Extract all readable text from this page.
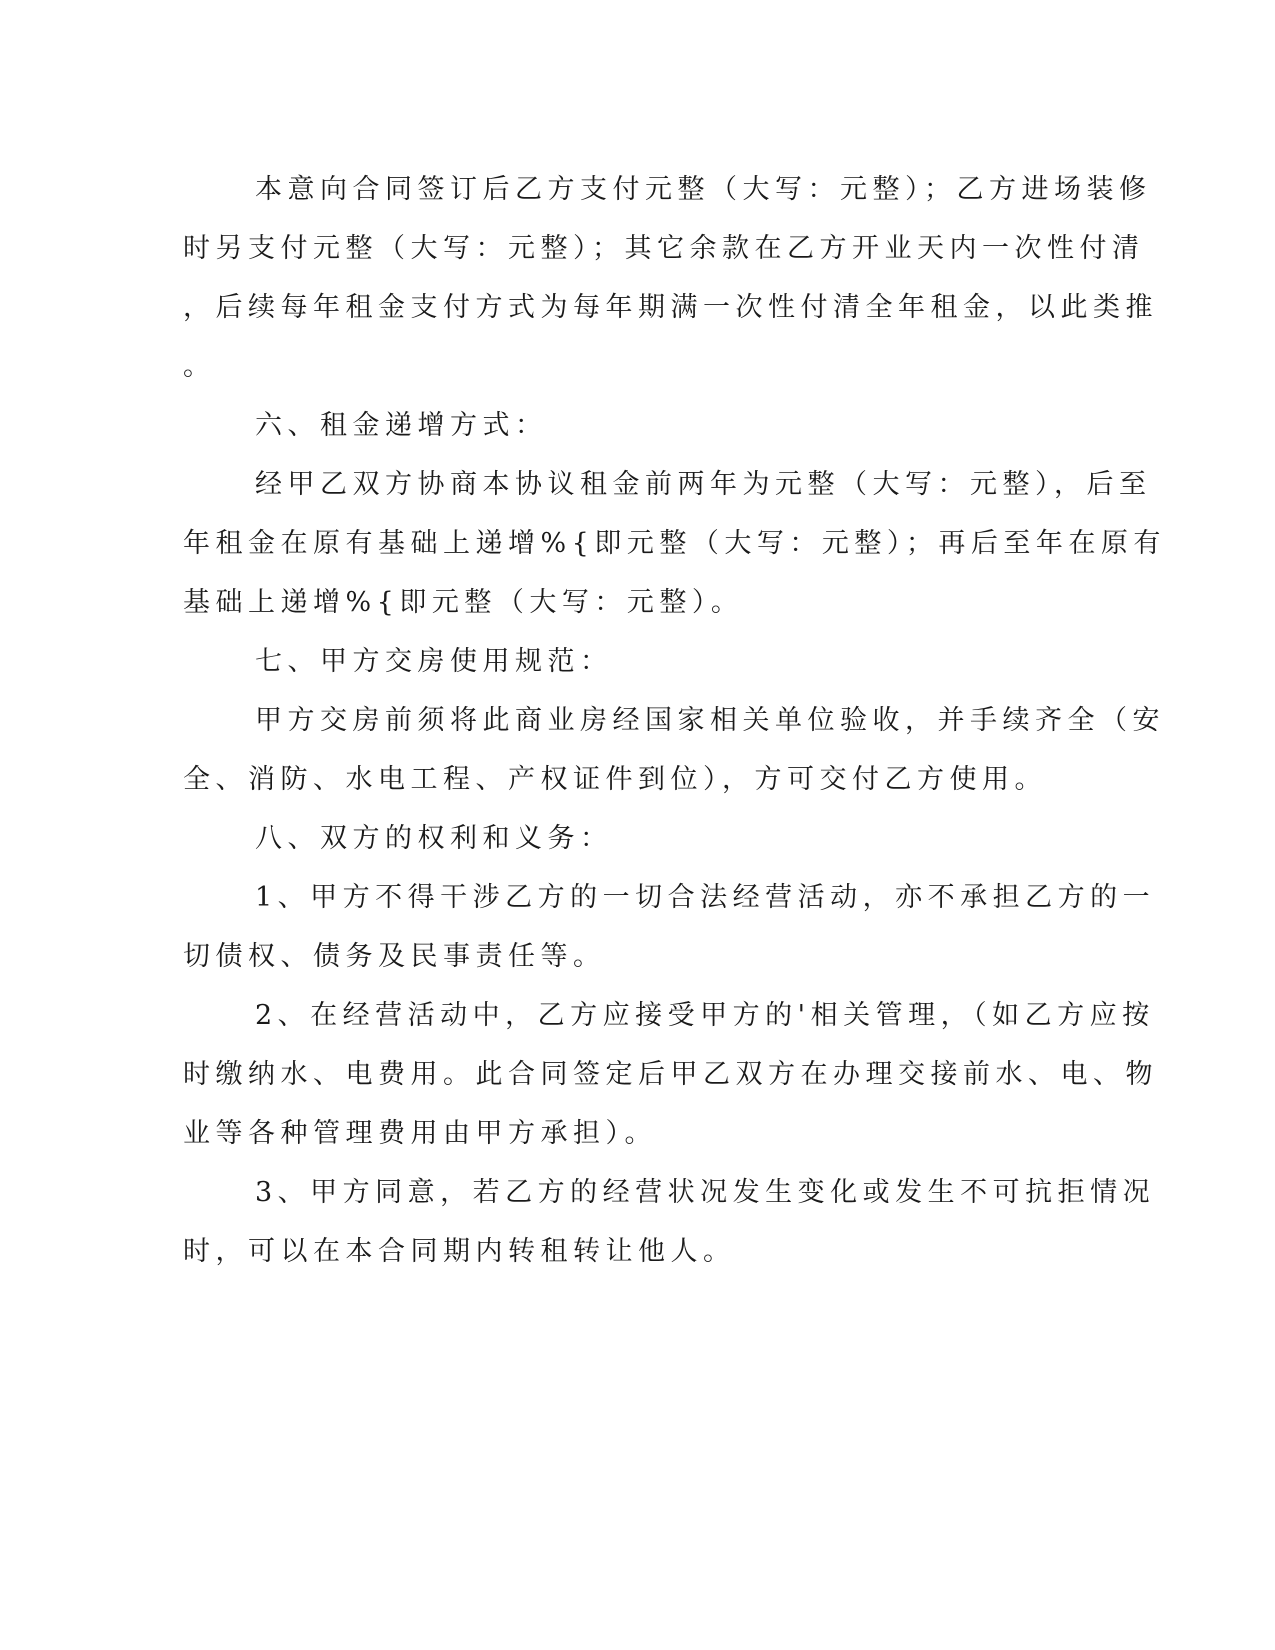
本意向合同签订后乙方支付元整（大写：元整）；乙方进场装修
时另支付元整（大写：元整）；其它余款在乙方开业天内一次性付清
，后续每年租金支付方式为每年期满一次性付清全年租金，以此类推
。
六、租金递增方式：
经甲乙双方协商本协议租金前两年为元整（大写：元整），后至
年租金在原有基础上递增%{即元整（大写：元整）；再后至年在原有
基础上递增%{即元整（大写：元整）。
七、甲方交房使用规范：
甲方交房前须将此商业房经国家相关单位验收，并手续齐全（安
全、消防、水电工程、产权证件到位），方可交付乙方使用。
八、双方的权利和义务：
1、甲方不得干涉乙方的一切合法经营活动，亦不承担乙方的一
切债权、债务及民事责任等。
2、在经营活动中，乙方应接受甲方的'相关管理，（如乙方应按
时缴纳水、电费用。此合同签定后甲乙双方在办理交接前水、电、物
业等各种管理费用由甲方承担）。
3、甲方同意，若乙方的经营状况发生变化或发生不可抗拒情况
时，可以在本合同期内转租转让他人。
